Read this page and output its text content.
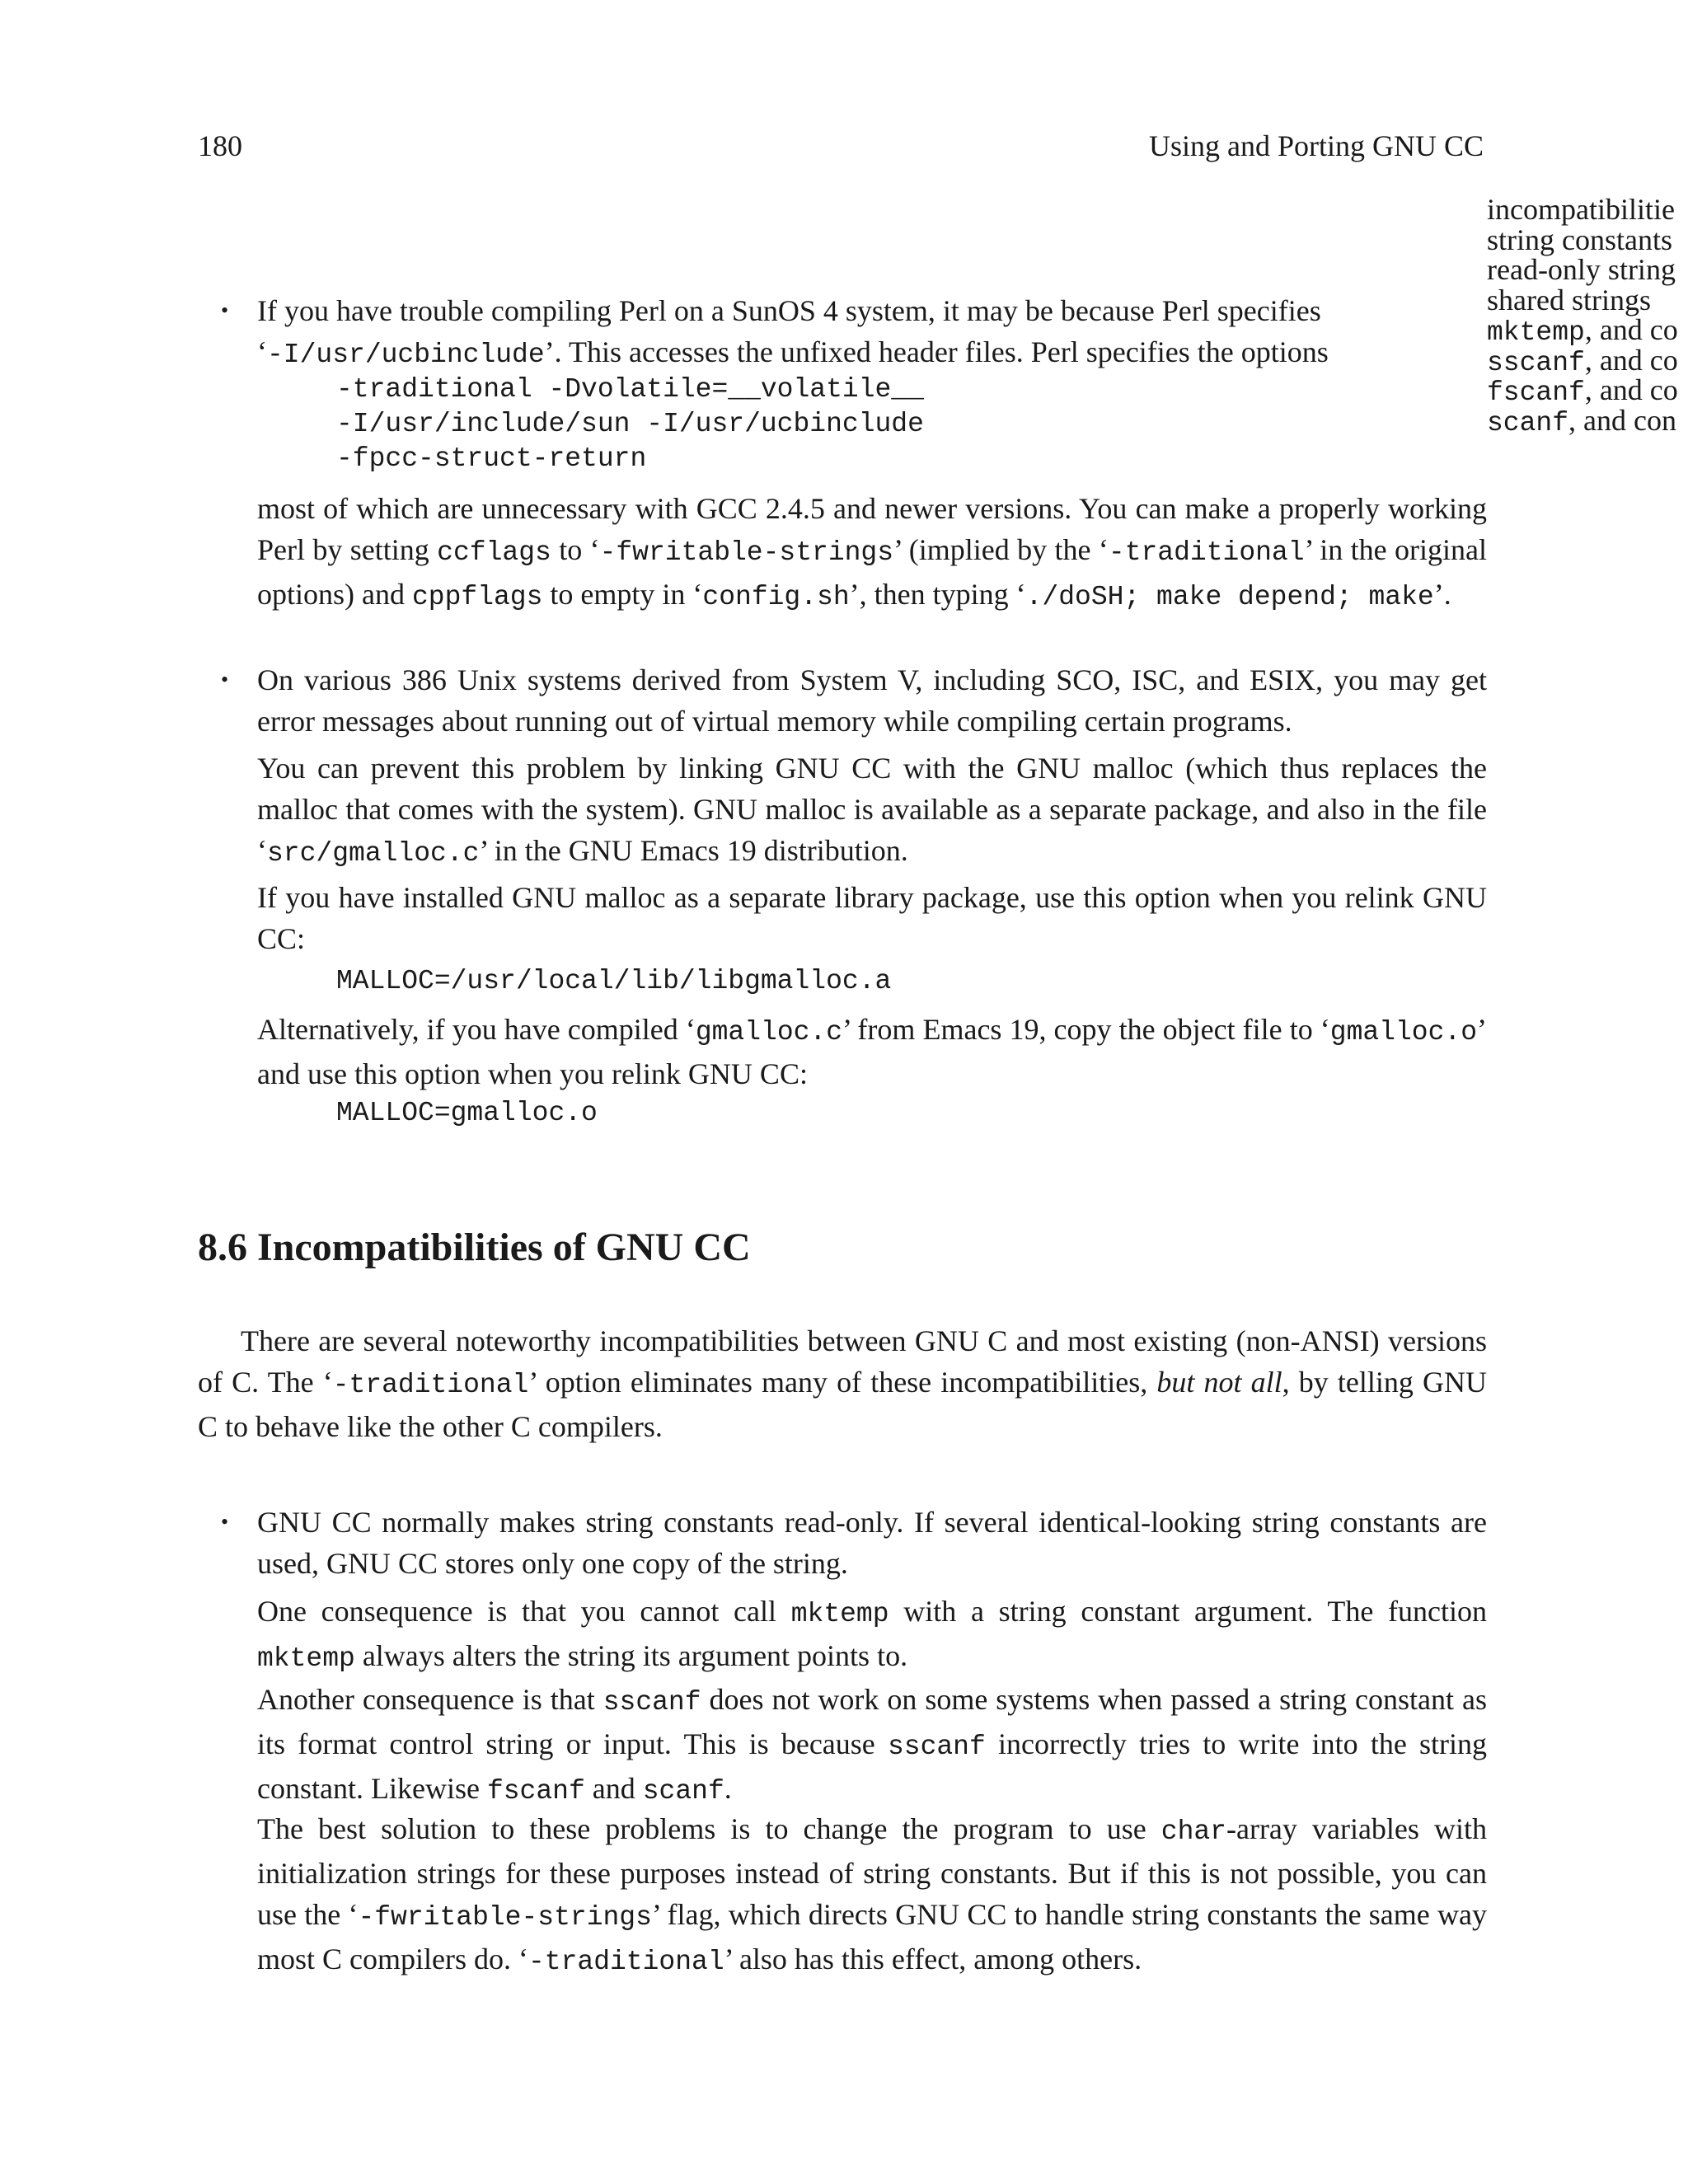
180	Using and Porting GNU CC
incompatibilitie
string constants
read-only string
shared strings
mktemp, and co
sscanf, and co
fscanf, and co
scanf, and con
• If you have trouble compiling Perl on a SunOS 4 system, it may be because Perl specifies
‘-I/usr/ucbinclude’. This accesses the unfixed header files. Perl specifies the options
-traditional -Dvolatile=__volatile__
-I/usr/include/sun -I/usr/ucbinclude
-fpcc-struct-return
most of which are unnecessary with GCC 2.4.5 and newer versions. You can make a properly working Perl by setting ccflags to ‘-fwritable-strings’ (implied by the ‘-traditional’ in the original options) and cppflags to empty in ‘config.sh’, then typing ‘./doSH; make depend; make’.
• On various 386 Unix systems derived from System V, including SCO, ISC, and ESIX, you may get error messages about running out of virtual memory while compiling certain programs.
You can prevent this problem by linking GNU CC with the GNU malloc (which thus replaces the malloc that comes with the system). GNU malloc is available as a separate package, and also in the file ‘src/gmalloc.c’ in the GNU Emacs 19 distribution.
If you have installed GNU malloc as a separate library package, use this option when you relink GNU CC:
MALLOC=/usr/local/lib/libgmalloc.a
Alternatively, if you have compiled ‘gmalloc.c’ from Emacs 19, copy the object file to ‘gmalloc.o’ and use this option when you relink GNU CC:
MALLOC=gmalloc.o
8.6 Incompatibilities of GNU CC
There are several noteworthy incompatibilities between GNU C and most existing (non-ANSI) versions of C. The ‘-traditional’ option eliminates many of these incompatibilities, but not all, by telling GNU C to behave like the other C compilers.
• GNU CC normally makes string constants read-only. If several identical-looking string constants are used, GNU CC stores only one copy of the string.
One consequence is that you cannot call mktemp with a string constant argument. The function mktemp always alters the string its argument points to.
Another consequence is that sscanf does not work on some systems when passed a string constant as its format control string or input. This is because sscanf incorrectly tries to write into the string constant. Likewise fscanf and scanf.
The best solution to these problems is to change the program to use char-array variables with initialization strings for these purposes instead of string constants. But if this is not possible, you can use the ‘-fwritable-strings’ flag, which directs GNU CC to handle string constants the same way most C compilers do. ‘-traditional’ also has this effect, among others.
